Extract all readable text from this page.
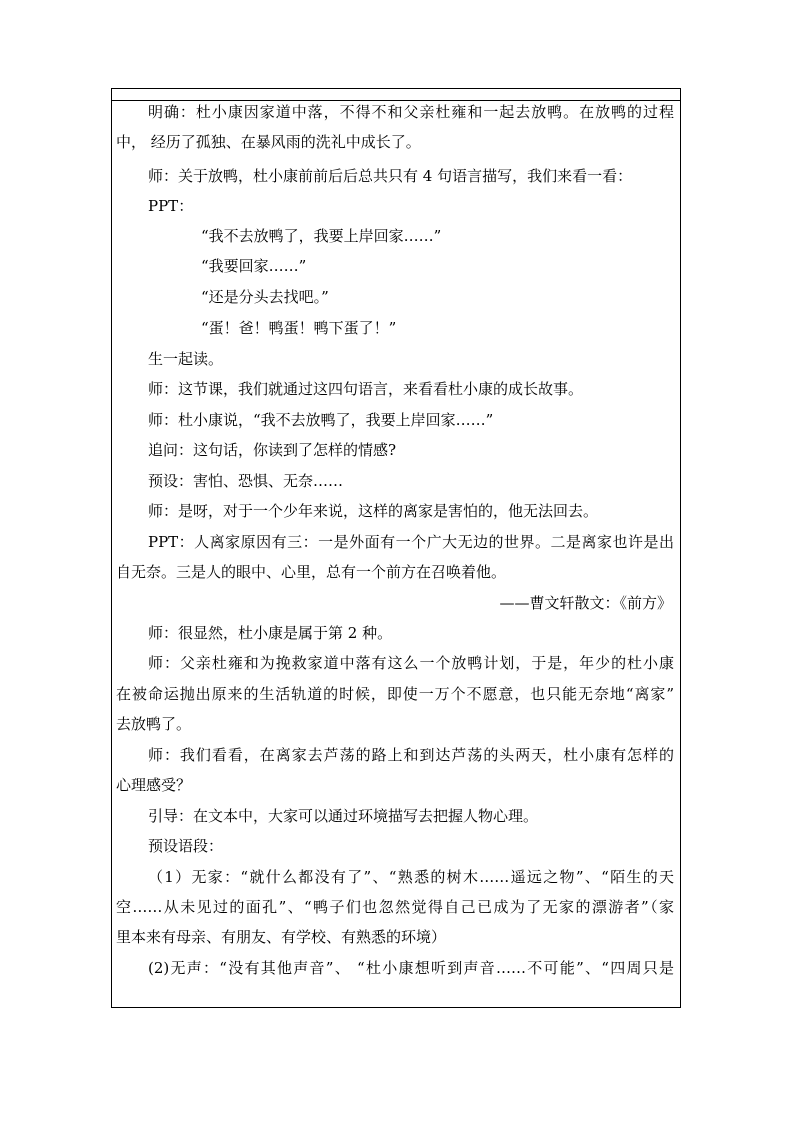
明确：杜小康因家道中落，不得不和父亲杜雍和一起去放鸭。在放鸭的过程
中， 经历了孤独、在暴风雨的洗礼中成长了。
师：关于放鸭，杜小康前前后后总共只有 4 句语言描写，我们来看一看：
PPT：
“我不去放鸭了，我要上岸回家……”
“我要回家……”
“还是分头去找吧。”
“蛋！爸！鸭蛋！鸭下蛋了！”
生一起读。
师：这节课，我们就通过这四句语言，来看看杜小康的成长故事。
师：杜小康说，“我不去放鸭了，我要上岸回家……”
追问：这句话，你读到了怎样的情感?
预设：害怕、恐惧、无奈……
师：是呀，对于一个少年来说，这样的离家是害怕的，他无法回去。
PPT：人离家原因有三：一是外面有一个广大无边的世界。二是离家也许是出
自无奈。三是人的眼中、心里，总有一个前方在召唤着他。
——曹文轩散文：《前方》
师：很显然，杜小康是属于第 2 种。
师：父亲杜雍和为挽救家道中落有这么一个放鸭计划，于是，年少的杜小康
在被命运抛出原来的生活轨道的时候，即使一万个不愿意，也只能无奈地“离家”
去放鸭了。
师：我们看看，在离家去芦荡的路上和到达芦荡的头两天，杜小康有怎样的
心理感受？
引导：在文本中，大家可以通过环境描写去把握人物心理。
预设语段：
（1）无家：“就什么都没有了”、“熟悉的树木……遥远之物”、“陌生的天
空……从未见过的面孔”、“鸭子们也忽然觉得自己已成为了无家的漂游者”（家
里本来有母亲、有朋友、有学校、有熟悉的环境）
(2)无声：“没有其他声音”、 “杜小康想听到声音……不可能”、“四周只是
